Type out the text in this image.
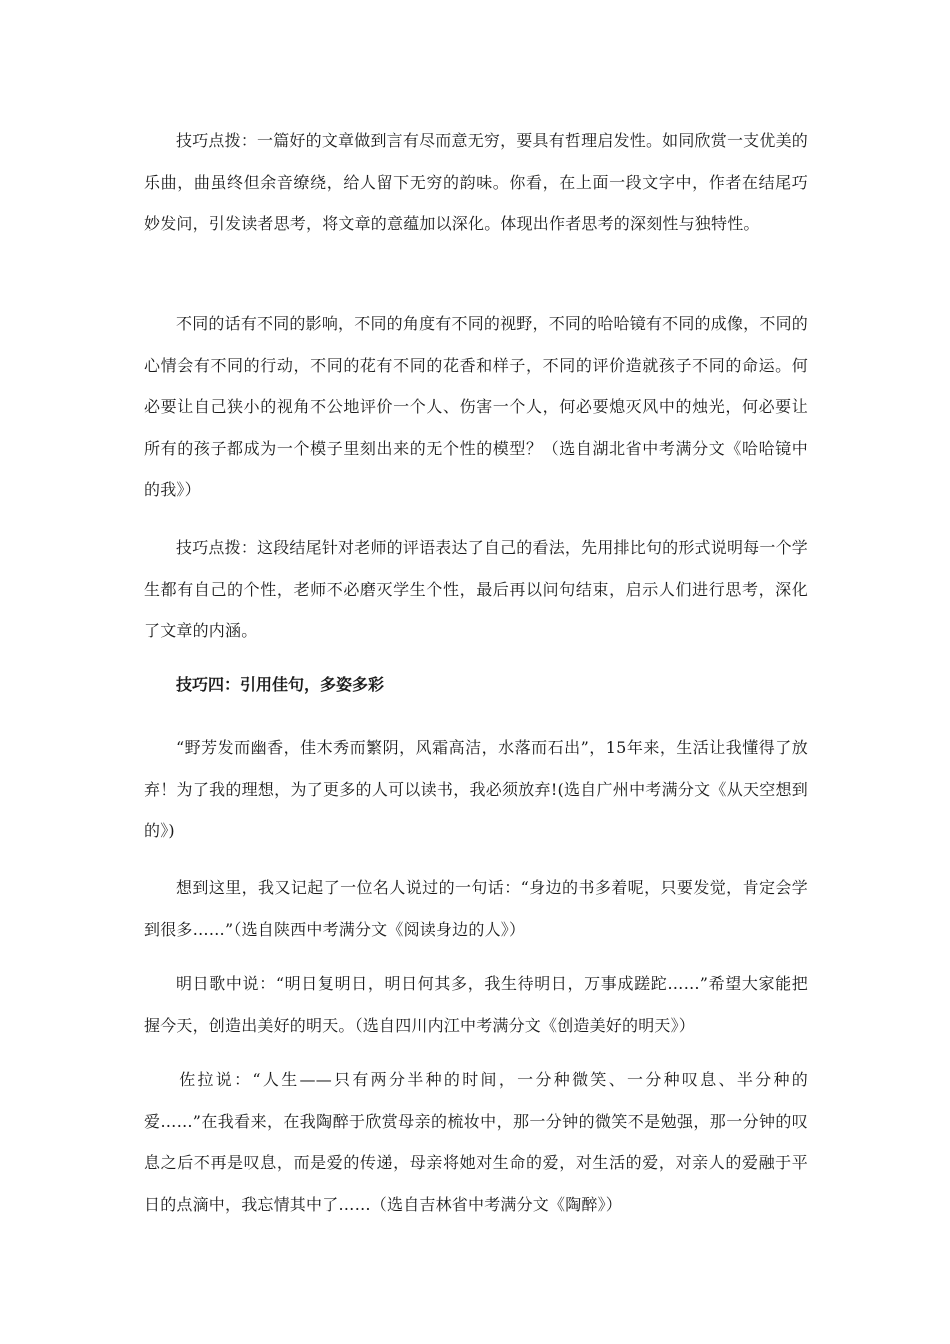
技巧点拨：一篇好的文章做到言有尽而意无穷，要具有哲理启发性。如同欣赏一支优美的乐曲，曲虽终但余音缭绕，给人留下无穷的韵味。你看，在上面一段文字中，作者在结尾巧妙发问，引发读者思考，将文章的意蕴加以深化。体现出作者思考的深刻性与独特性。

不同的话有不同的影响，不同的角度有不同的视野，不同的哈哈镜有不同的成像，不同的心情会有不同的行动，不同的花有不同的花香和样子，不同的评价造就孩子不同的命运。何必要让自己狭小的视角不公地评价一个人、伤害一个人，何必要熄灭风中的烛光，何必要让所有的孩子都成为一个模子里刻出来的无个性的模型？（选自湖北省中考满分文《哈哈镜中的我》）

技巧点拨：这段结尾针对老师的评语表达了自己的看法，先用排比句的形式说明每一个学生都有自己的个性，老师不必磨灭学生个性，最后再以问句结束，启示人们进行思考，深化了文章的内涵。

技巧四：引用佳句，多姿多彩

“野芳发而幽香，佳木秀而繁阴，风霜高洁，水落而石出”，15年来，生活让我懂得了放弃！为了我的理想，为了更多的人可以读书，我必须放弃!(选自广州中考满分文《从天空想到的》)

想到这里，我又记起了一位名人说过的一句话：“身边的书多着呢，只要发觉，肯定会学到很多……”（选自陕西中考满分文《阅读身边的人》）

明日歌中说：“明日复明日，明日何其多，我生待明日，万事成蹉跎……”希望大家能把握今天，创造出美好的明天。（选自四川内江中考满分文《创造美好的明天》）

佐拉说：“人生——只有两分半种的时间，一分种微笑、一分种叹息、半分种的爱……”在我看来，在我陶醉于欣赏母亲的梳妆中，那一分钟的微笑不是勉强，那一分钟的叹息之后不再是叹息，而是爱的传递，母亲将她对生命的爱，对生活的爱，对亲人的爱融于平日的点滴中，我忘情其中了……（选自吉林省中考满分文《陶醉》）
